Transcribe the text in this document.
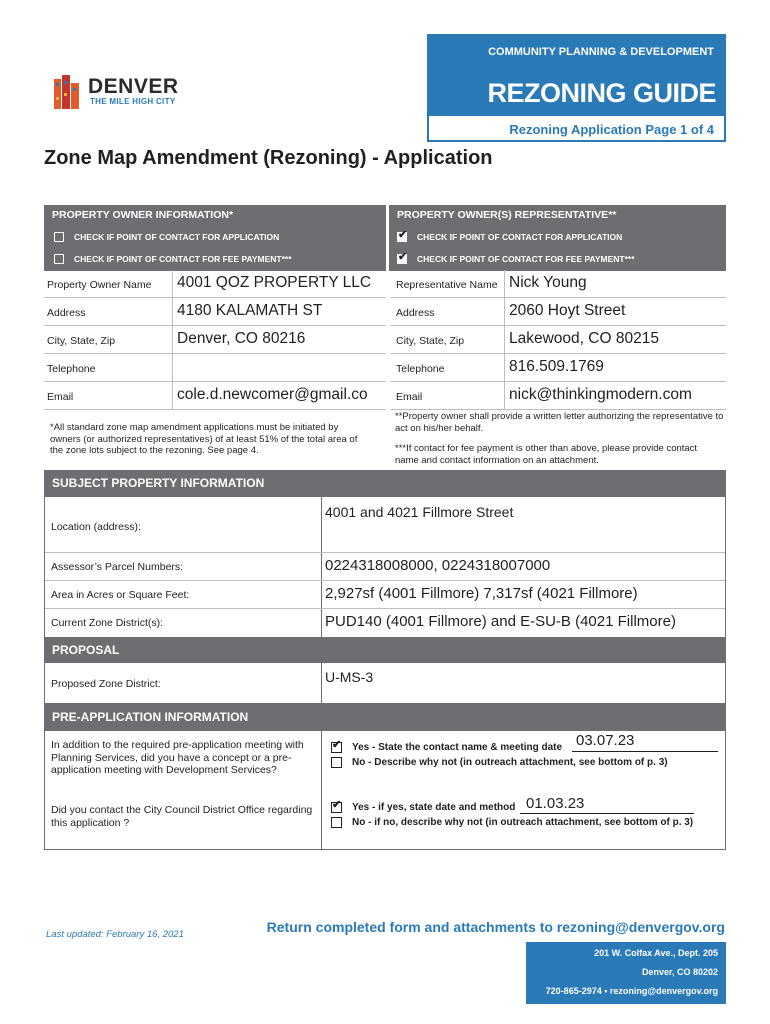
DENVER
THE MILE HIGH CITY
COMMUNITY PLANNING & DEVELOPMENT
REZONING GUIDE
Rezoning Application Page 1 of 4
Zone Map Amendment (Rezoning) - Application
PROPERTY OWNER INFORMATION*
CHECK IF POINT OF CONTACT FOR APPLICATION
CHECK IF POINT OF CONTACT FOR FEE PAYMENT***
PROPERTY OWNER(S) REPRESENTATIVE**
✔ CHECK IF POINT OF CONTACT FOR APPLICATION
✔ CHECK IF POINT OF CONTACT FOR FEE PAYMENT***
Property Owner Name 4001 QOZ PROPERTY LLC
Address	4180 KALAMATH ST
City, State, Zip	Denver, CO 80216
Telephone
Email	cole.d.newcomer@gmail.co
Representative Name Nick Young
Address	2060 Hoyt Street
City, State, Zip	Lakewood, CO 80215
Telephone	816.509.1769
Email	nick@thinkingmodern.com
*All standard zone map amendment applications must be initiated by owners (or authorized representatives) of at least 51% of the total area of the zone lots subject to the rezoning. See page 4.
**Property owner shall provide a written letter authorizing the representative to act on his/her behalf.
***If contact for fee payment is other than above, please provide contact name and contact information on an attachment.
SUBJECT PROPERTY INFORMATION
Location (address):
4001 and 4021 Fillmore Street
Assessor’s Parcel Numbers:	0224318008000, 0224318007000
Area in Acres or Square Feet:	2,927sf (4001 Fillmore) 7,317sf (4021 Fillmore)
Current Zone District(s):	PUD140 (4001 Fillmore) and E-SU-B (4021 Fillmore)
PROPOSAL
Proposed Zone District:	U-MS-3
PRE-APPLICATION INFORMATION
In addition to the required pre-application meeting with Planning Services, did you have a concept or a pre-application meeting with Development Services?
✔ Yes - State the contact name & meeting date 03.07.23
No - Describe why not (in outreach attachment, see bottom of p. 3)
Did you contact the City Council District Office regarding this application ?
✔ Yes - if yes, state date and method 01.03.23
No - if no, describe why not (in outreach attachment, see bottom of p. 3)
Last updated: February 16, 2021	Return completed form and attachments to rezoning@denvergov.org
201 W. Colfax Ave., Dept. 205
Denver, CO 80202
720-865-2974 • rezoning@denvergov.org
